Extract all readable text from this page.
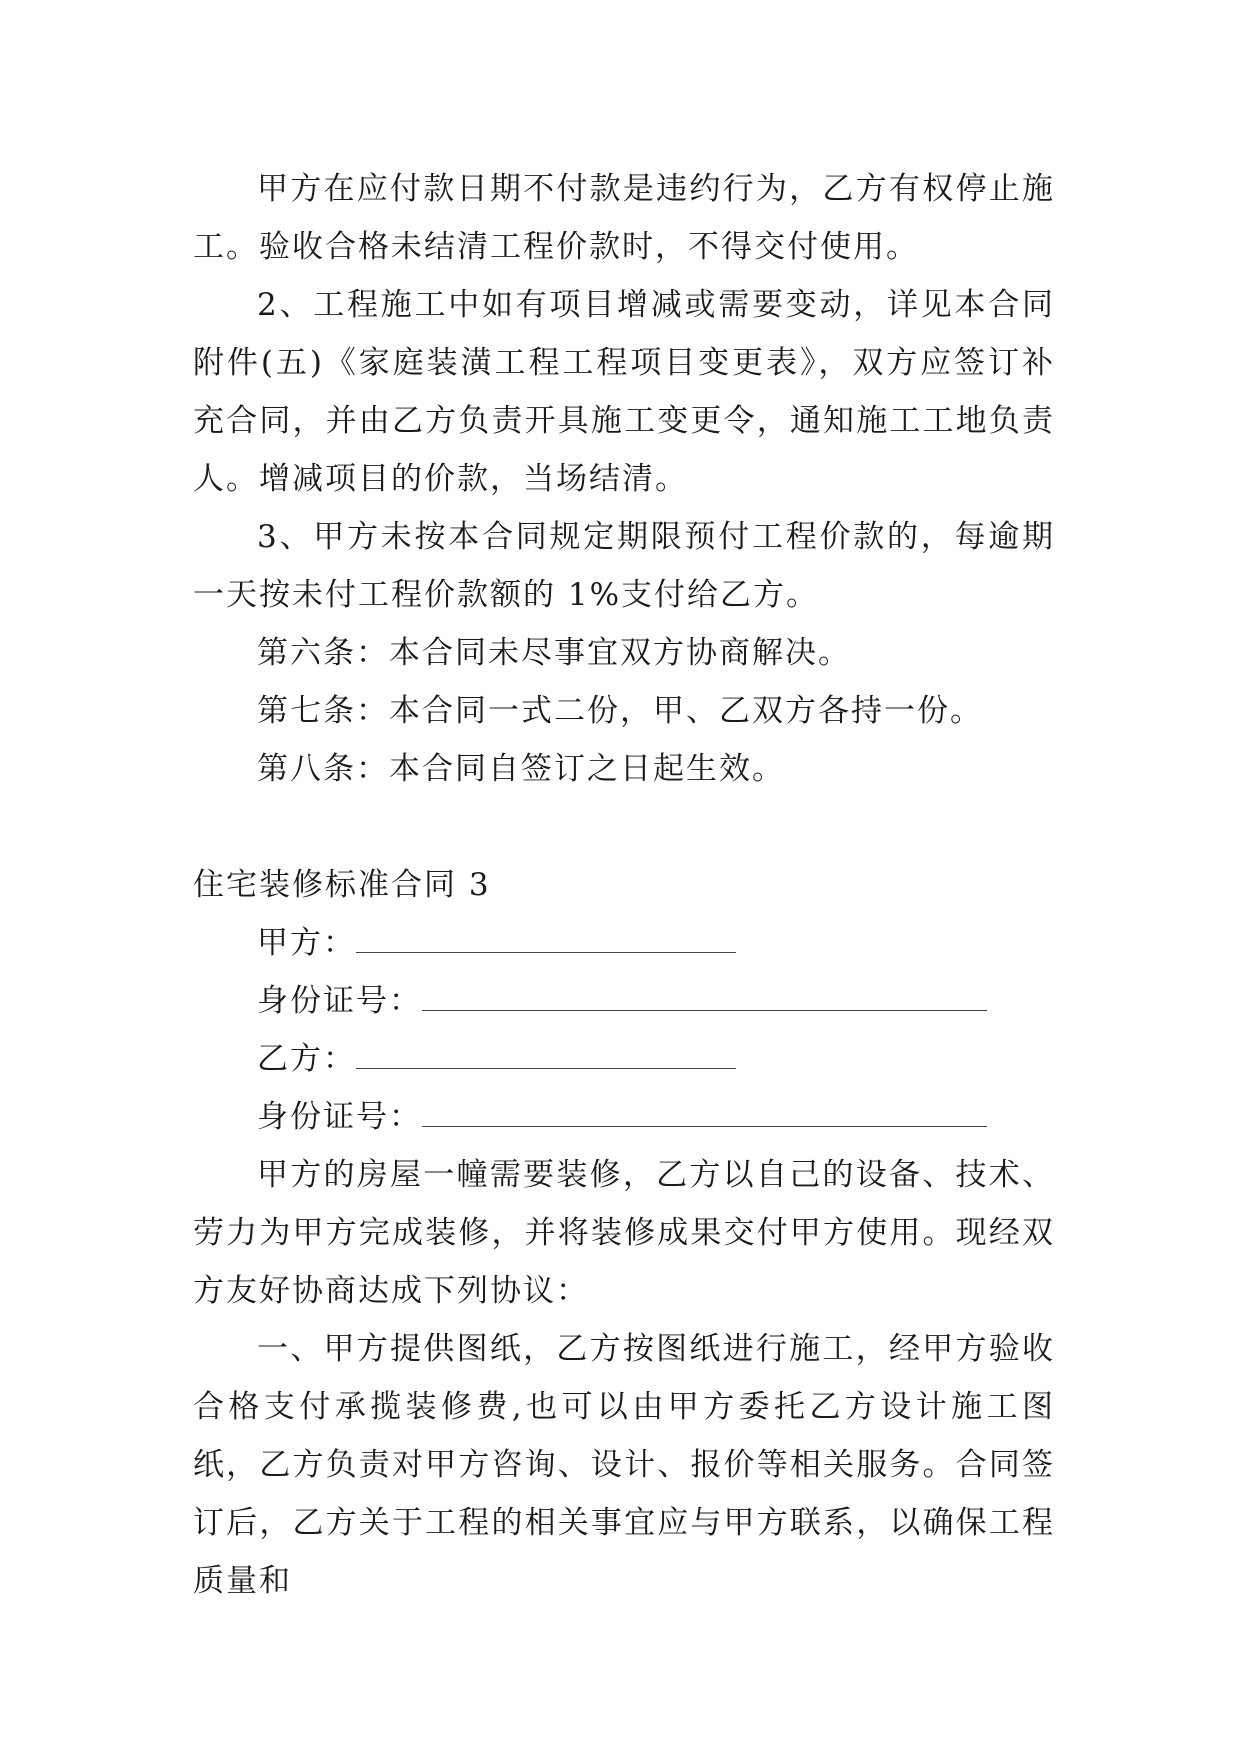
甲方在应付款日期不付款是违约行为，乙方有权停止施工。验收合格未结清工程价款时，不得交付使用。

2、工程施工中如有项目增减或需要变动，详见本合同附件(五)《家庭装潢工程工程项目变更表》，双方应签订补充合同，并由乙方负责开具施工变更令，通知施工工地负责人。增减项目的价款，当场结清。

3、甲方未按本合同规定期限预付工程价款的，每逾期一天按未付工程价款额的 1%支付给乙方。

第六条：本合同未尽事宜双方协商解决。

第七条：本合同一式二份，甲、乙双方各持一份。

第八条：本合同自签订之日起生效。

住宅装修标准合同 3

甲方：

身份证号：

乙方：

身份证号：

甲方的房屋一幢需要装修，乙方以自己的设备、技术、劳力为甲方完成装修，并将装修成果交付甲方使用。现经双方友好协商达成下列协议：

一、甲方提供图纸，乙方按图纸进行施工，经甲方验收合格支付承揽装修费,也可以由甲方委托乙方设计施工图纸，乙方负责对甲方咨询、设计、报价等相关服务。合同签订后，乙方关于工程的相关事宜应与甲方联系，以确保工程质量和
